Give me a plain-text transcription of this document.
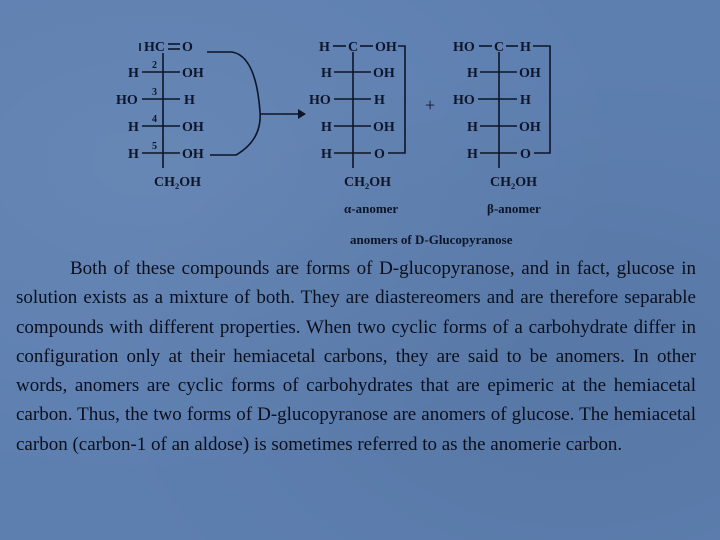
HC O
H	OH
2
HO	H
3
H	OH
4
H	OH
5
CH₂OH
H C OH
H	OH
HO	H
H	OH
H	O
CH₂OH
α-anomer
+
HO C H
H	OH
HO	H
H	OH
H	O
CH₂OH
β-anomer
anomers of D-Glucopyranose

Both of these compounds are forms of D-glucopyranose, and in fact, glucose in solution exists as a mixture of both. They are diastereomers and are therefore separable compounds with different properties. When two cyclic forms of a carbohydrate differ in configuration only at their hemiacetal carbons, they are said to be anomers. In other words, anomers are cyclic forms of carbohydrates that are epimeric at the hemiacetal carbon. Thus, the two forms of D-glucopyranose are anomers of glucose. The hemiacetal carbon (carbon-1 of an aldose) is sometimes referred to as the anomerie carbon.
